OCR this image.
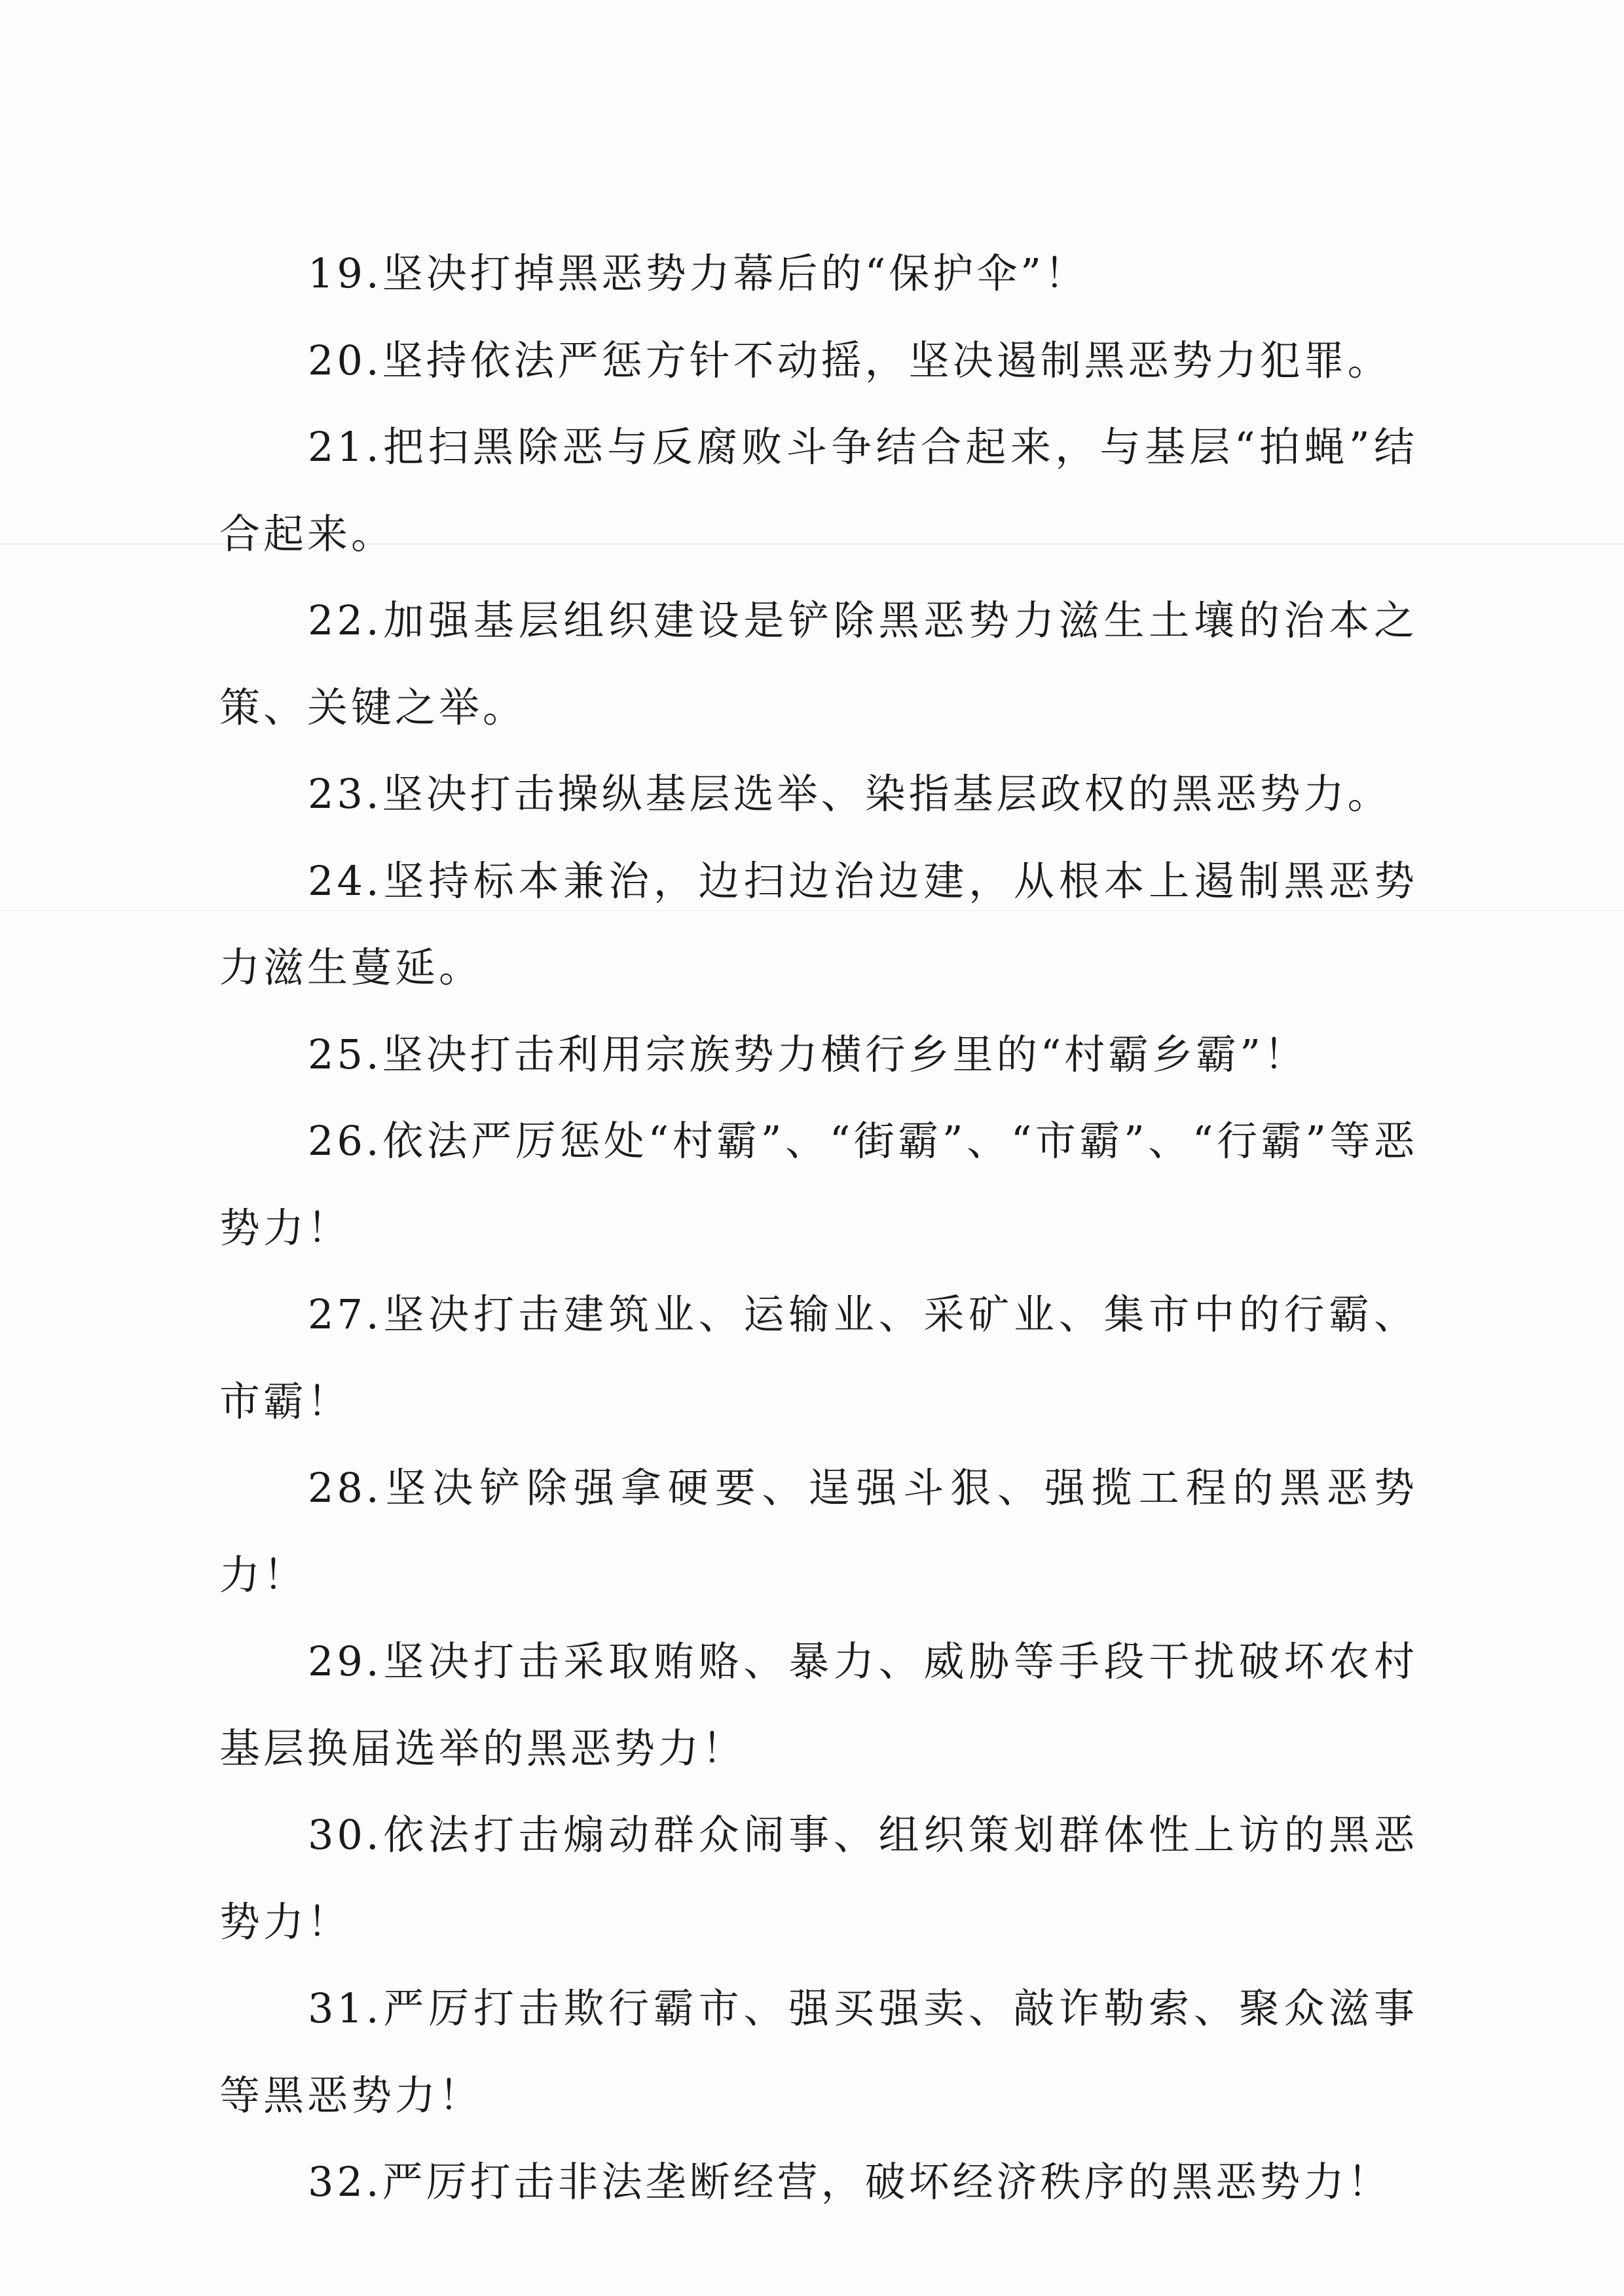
19.坚决打掉黑恶势力幕后的“保护伞”！

20.坚持依法严惩方针不动摇，坚决遏制黑恶势力犯罪。

21.把扫黑除恶与反腐败斗争结合起来，与基层“拍蝇”结合起来。

22.加强基层组织建设是铲除黑恶势力滋生土壤的治本之策、关键之举。

23.坚决打击操纵基层选举、染指基层政权的黑恶势力。

24.坚持标本兼治，边扫边治边建，从根本上遏制黑恶势力滋生蔓延。

25.坚决打击利用宗族势力横行乡里的“村霸乡霸”！

26.依法严厉惩处“村霸”、“街霸”、“市霸”、“行霸”等恶势力！

27.坚决打击建筑业、运输业、采矿业、集市中的行霸、市霸！

28.坚决铲除强拿硬要、逞强斗狠、强揽工程的黑恶势力！

29.坚决打击采取贿赂、暴力、威胁等手段干扰破坏农村基层换届选举的黑恶势力！

30.依法打击煽动群众闹事、组织策划群体性上访的黑恶势力！

31.严厉打击欺行霸市、强买强卖、敲诈勒索、聚众滋事等黑恶势力！

32.严厉打击非法垄断经营，破坏经济秩序的黑恶势力！
